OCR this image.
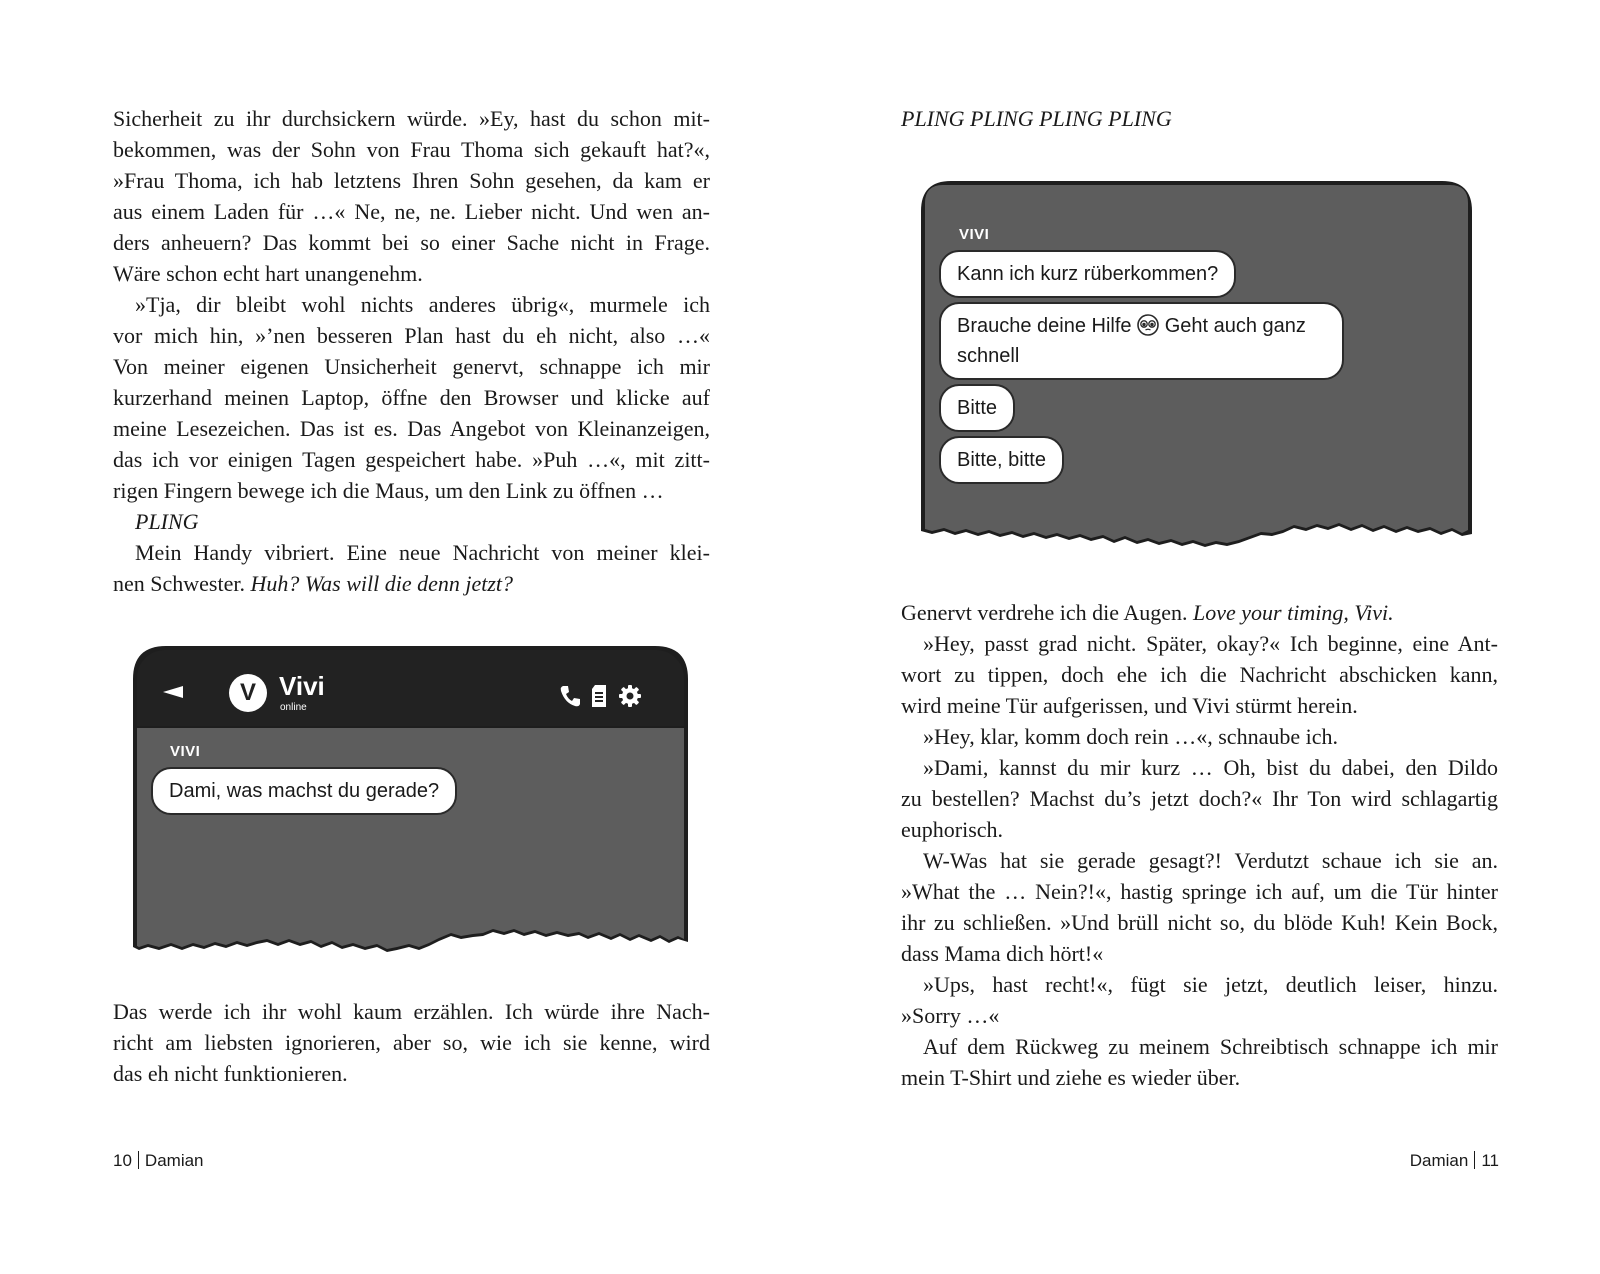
Sicherheit zu ihr durchsickern würde. »Ey, hast du schon mit-
bekommen, was der Sohn von Frau Thoma sich gekauft hat?«,
»Frau Thoma, ich hab letztens Ihren Sohn gesehen, da kam er
aus einem Laden für …« Ne, ne, ne. Lieber nicht. Und wen an-
ders anheuern? Das kommt bei so einer Sache nicht in Frage.
Wäre schon echt hart unangenehm.
»Tja, dir bleibt wohl nichts anderes übrig«, murmele ich
vor mich hin, »’nen besseren Plan hast du eh nicht, also …«
Von meiner eigenen Unsicherheit genervt, schnappe ich mir
kurzerhand meinen Laptop, öffne den Browser und klicke auf
meine Lesezeichen. Das ist es. Das Angebot von Kleinanzeigen,
das ich vor einigen Tagen gespeichert habe. »Puh …«, mit zitt-
rigen Fingern bewege ich die Maus, um den Link zu öffnen …
PLING
Mein Handy vibriert. Eine neue Nachricht von meiner klei-
nen Schwester. Huh? Was will die denn jetzt?
Das werde ich ihr wohl kaum erzählen. Ich würde ihre Nach-
richt am liebsten ignorieren, aber so, wie ich sie kenne, wird
das eh nicht funktionieren.
V Vivi
online
VIVI
Dami, was machst du gerade?
10 Damian
PLING PLING PLING PLING
Genervt verdrehe ich die Augen. Love your timing, Vivi.
»Hey, passt grad nicht. Später, okay?« Ich beginne, eine Ant-
wort zu tippen, doch ehe ich die Nachricht abschicken kann,
wird meine Tür aufgerissen, und Vivi stürmt herein.
»Hey, klar, komm doch rein …«, schnaube ich.
»Dami, kannst du mir kurz … Oh, bist du dabei, den Dildo
zu bestellen? Machst du’s jetzt doch?« Ihr Ton wird schlagartig
euphorisch.
W-Was hat sie gerade gesagt?! Verdutzt schaue ich sie an.
»What the … Nein?!«, hastig springe ich auf, um die Tür hinter
ihr zu schließen. »Und brüll nicht so, du blöde Kuh! Kein Bock,
dass Mama dich hört!«
»Ups, hast recht!«, fügt sie jetzt, deutlich leiser, hinzu.
»Sorry …«
Auf dem Rückweg zu meinem Schreibtisch schnappe ich mir
mein T-Shirt und ziehe es wieder über.
VIVI
Kann ich kurz rüberkommen?
Brauche deine Hilfe Geht auch ganz
schnell
Bitte
Bitte, bitte
Damian 11
